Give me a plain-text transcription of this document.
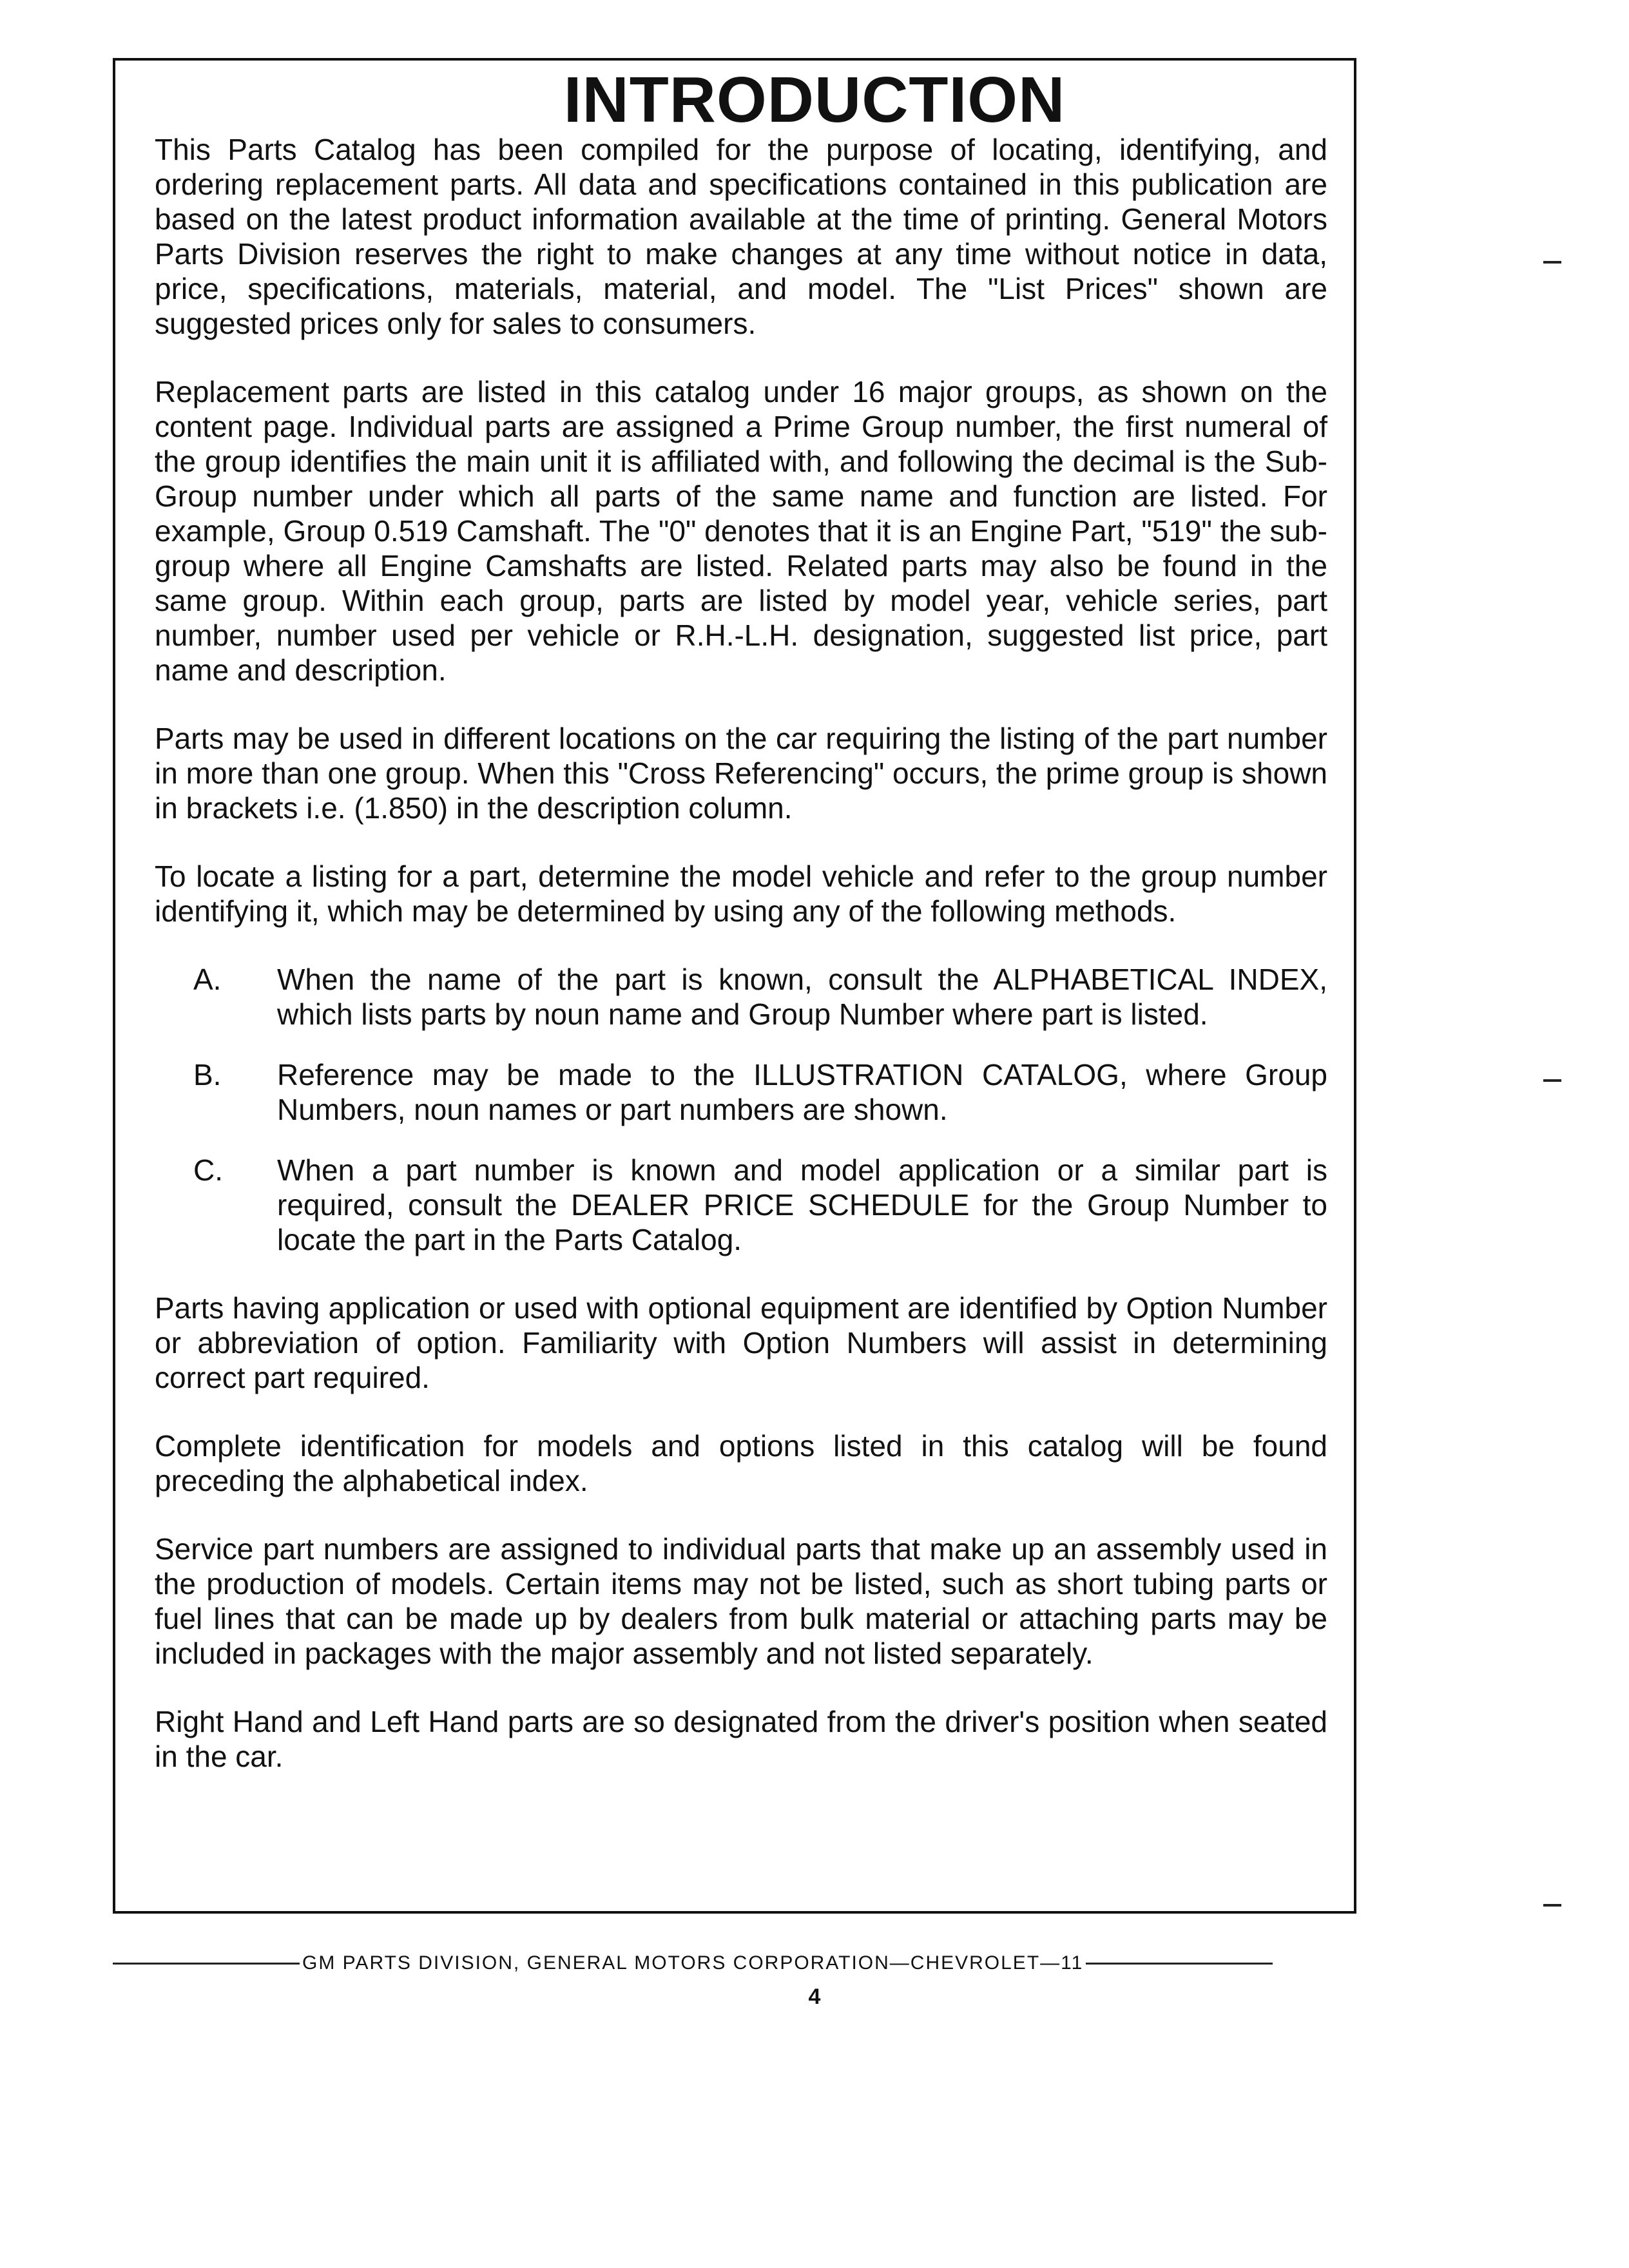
INTRODUCTION

This Parts Catalog has been compiled for the purpose of locating, identifying, and ordering replacement parts. All data and specifications contained in this publication are based on the latest product information available at the time of printing. General Motors Parts Division reserves the right to make changes at any time without notice in data, price, specifications, materials, material, and model. The "List Prices" shown are suggested prices only for sales to consumers.

Replacement parts are listed in this catalog under 16 major groups, as shown on the content page. Individual parts are assigned a Prime Group number, the first numeral of the group identifies the main unit it is affiliated with, and following the decimal is the Sub-Group number under which all parts of the same name and function are listed. For example, Group 0.519 Camshaft. The "0" denotes that it is an Engine Part, "519" the sub-group where all Engine Camshafts are listed. Related parts may also be found in the same group. Within each group, parts are listed by model year, vehicle series, part number, number used per vehicle or R.H.-L.H. designation, suggested list price, part name and description.

Parts may be used in different locations on the car requiring the listing of the part number in more than one group. When this "Cross Referencing" occurs, the prime group is shown in brackets i.e. (1.850) in the description column.

To locate a listing for a part, determine the model vehicle and refer to the group number identifying it, which may be determined by using any of the following methods.

A. When the name of the part is known, consult the ALPHABETICAL INDEX, which lists parts by noun name and Group Number where part is listed.
B. Reference may be made to the ILLUSTRATION CATALOG, where Group Numbers, noun names or part numbers are shown.
C. When a part number is known and model application or a similar part is required, consult the DEALER PRICE SCHEDULE for the Group Number to locate the part in the Parts Catalog.

Parts having application or used with optional equipment are identified by Option Number or abbreviation of option. Familiarity with Option Numbers will assist in determining correct part required.

Complete identification for models and options listed in this catalog will be found preceding the alphabetical index.

Service part numbers are assigned to individual parts that make up an assembly used in the production of models. Certain items may not be listed, such as short tubing parts or fuel lines that can be made up by dealers from bulk material or attaching parts may be included in packages with the major assembly and not listed separately.

Right Hand and Left Hand parts are so designated from the driver's position when seated in the car.

GM PARTS DIVISION, GENERAL MOTORS CORPORATION—CHEVROLET—11
4
